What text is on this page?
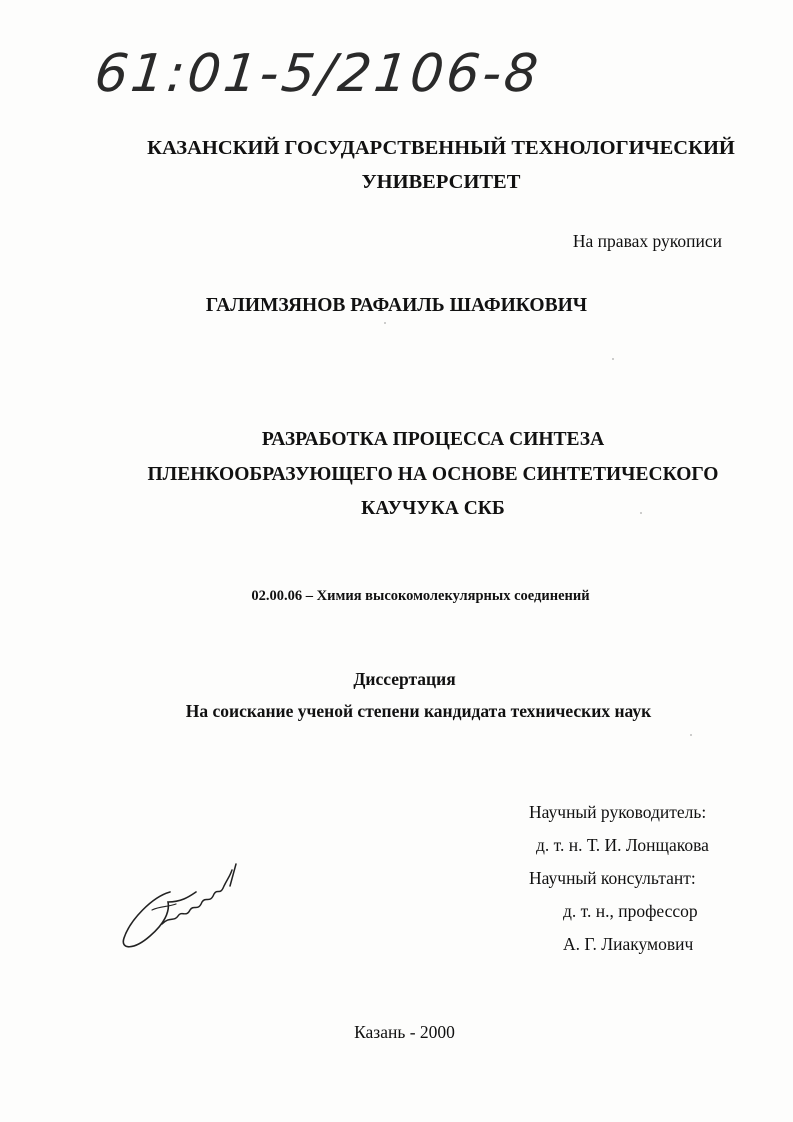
61:01-5/2106-8
КАЗАНСКИЙ ГОСУДАРСТВЕННЫЙ ТЕХНОЛОГИЧЕСКИЙ
УНИВЕРСИТЕТ
На правах рукописи
ГАЛИМЗЯНОВ РАФАИЛЬ ШАФИКОВИЧ
РАЗРАБОТКА ПРОЦЕССА СИНТЕЗА
ПЛЕНКООБРАЗУЮЩЕГО НА ОСНОВЕ СИНТЕТИЧЕСКОГО
КАУЧУКА СКБ
02.00.06 – Химия высокомолекулярных соединений
Диссертация
На соискание ученой степени кандидата технических наук
Научный руководитель:
д. т. н. Т. И. Лонщакова
Научный консультант:
д. т. н., профессор
А. Г. Лиакумович
Казань - 2000
